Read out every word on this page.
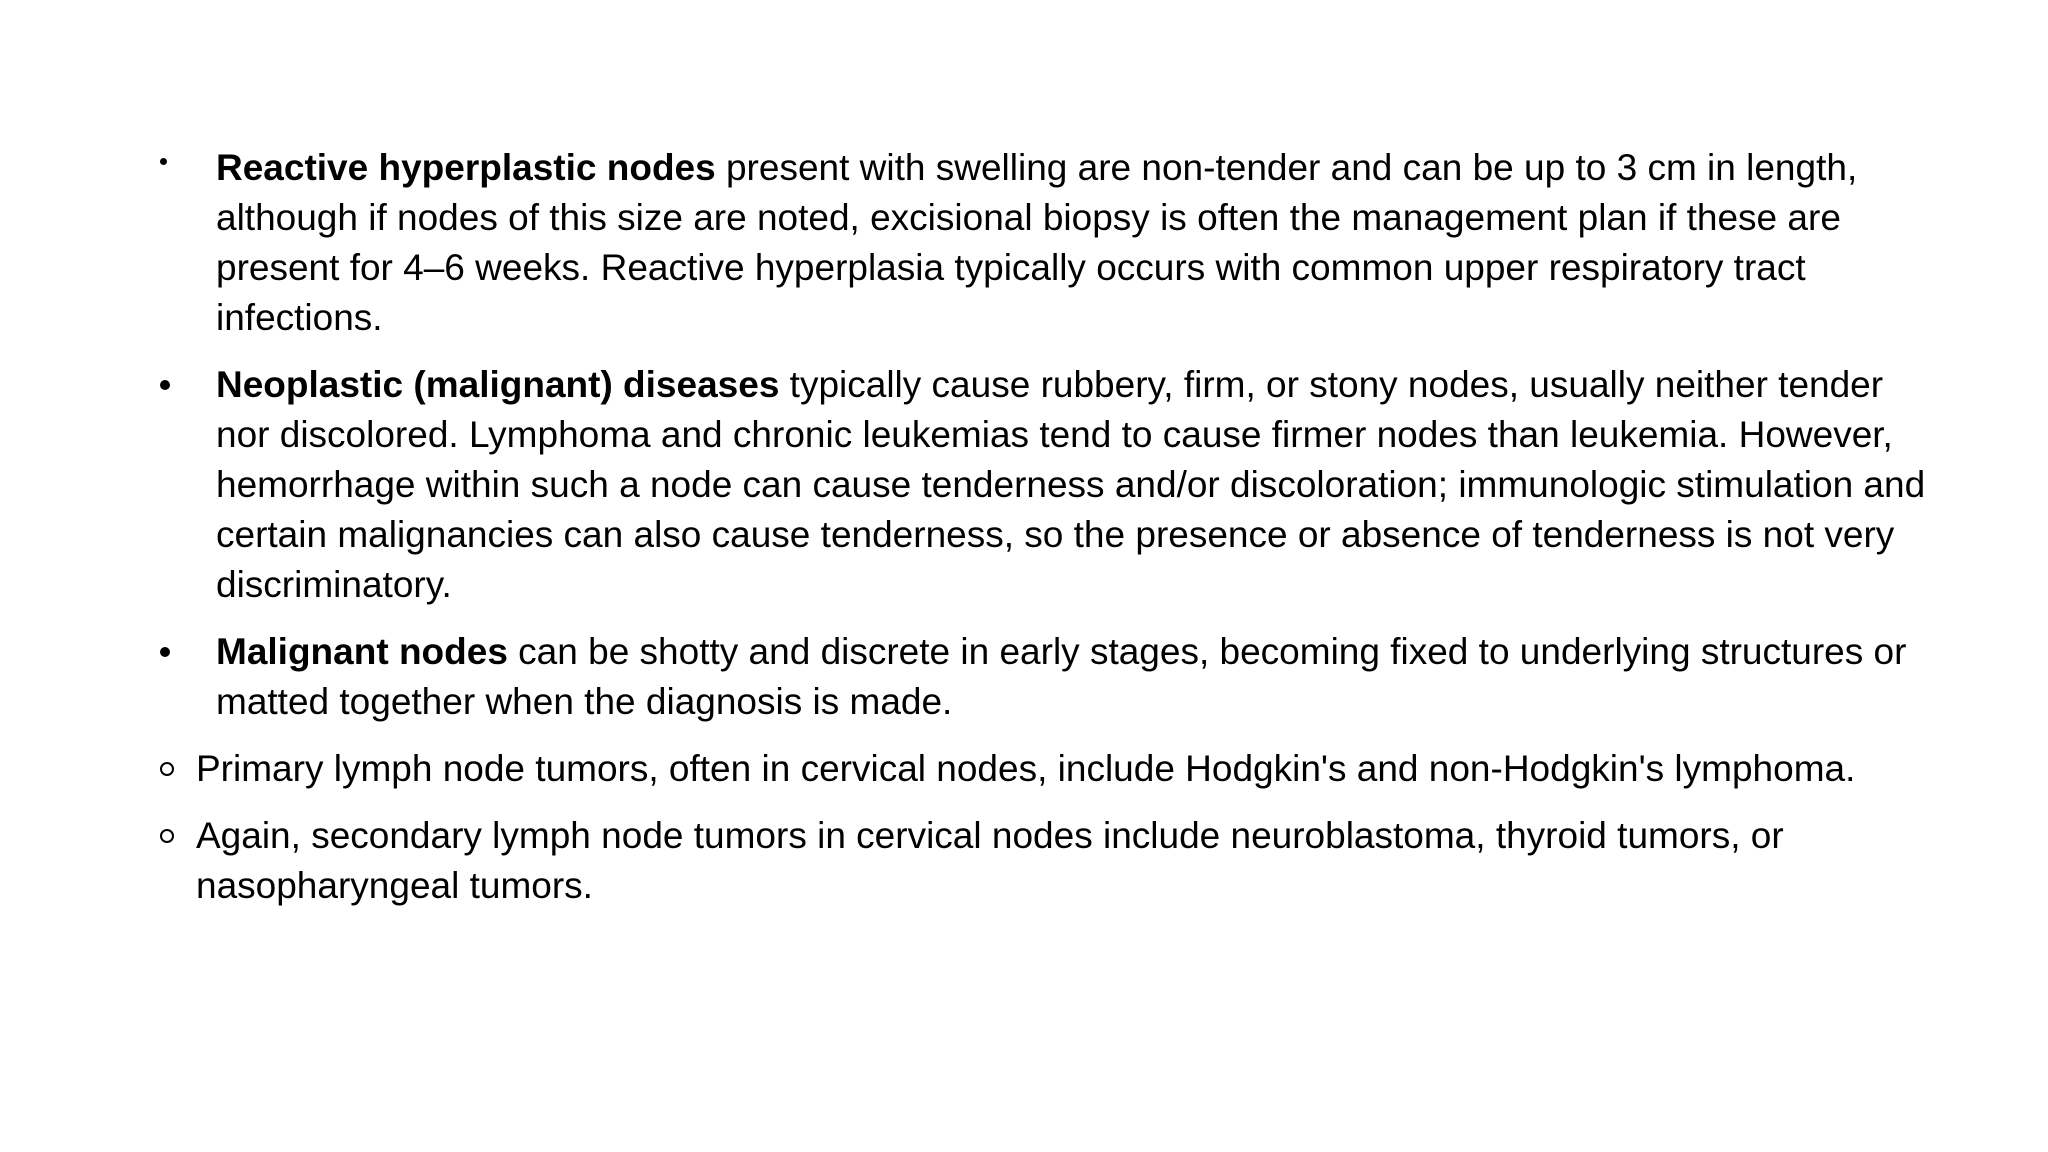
Reactive hyperplastic nodes present with swelling are non-tender and can be up to 3 cm in length, although if nodes of this size are noted, excisional biopsy is often the management plan if these are present for 4–6 weeks. Reactive hyperplasia typically occurs with common upper respiratory tract infections.
Neoplastic (malignant) diseases typically cause rubbery, firm, or stony nodes, usually neither tender nor discolored. Lymphoma and chronic leukemias tend to cause firmer nodes than leukemia. However, hemorrhage within such a node can cause tenderness and/or discoloration; immunologic stimulation and certain malignancies can also cause tenderness, so the presence or absence of tenderness is not very discriminatory.
Malignant nodes can be shotty and discrete in early stages, becoming fixed to underlying structures or matted together when the diagnosis is made.
Primary lymph node tumors, often in cervical nodes, include Hodgkin's and non-Hodgkin's lymphoma.
Again, secondary lymph node tumors in cervical nodes include neuroblastoma, thyroid tumors, or nasopharyngeal tumors.
